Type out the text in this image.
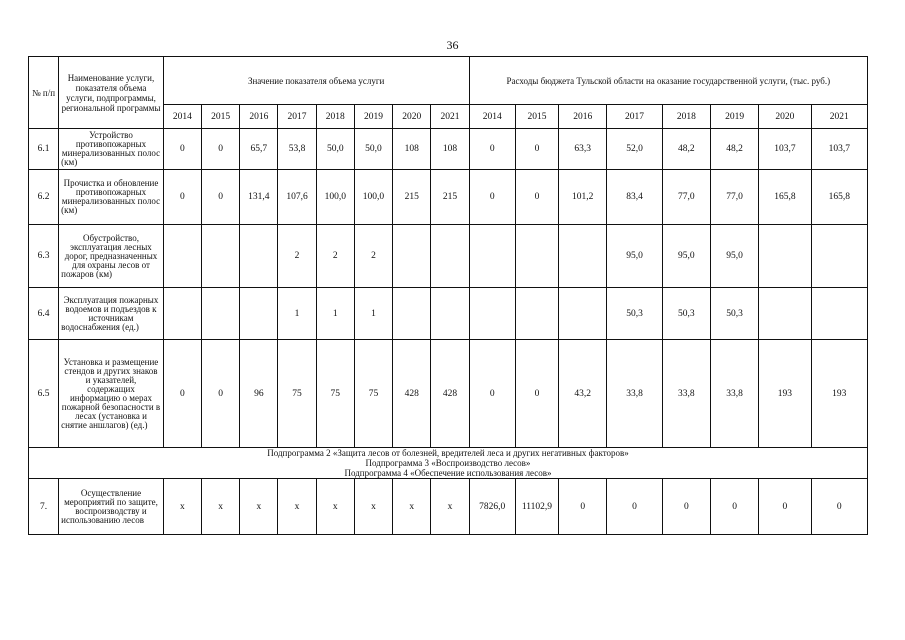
36
№ п/п	Наименование услуги, показателя объема услуги, подпрограммы, региональной программы	Значение показателя объема услуги								Расходы бюджета Тульской области на оказание государственной услуги, (тыс. руб.)							
		2014	2015	2016	2017	2018	2019	2020	2021	2014	2015	2016	2017	2018	2019	2020	2021
6.1	Устройство противопожарных минерализованных полос (км)	0	0	65,7	53,8	50,0	50,0	108	108	0	0	63,3	52,0	48,2	48,2	103,7	103,7
6.2	Прочистка и обновление противопожарных минерализованных полос (км)	0	0	131,4	107,6	100,0	100,0	215	215	0	0	101,2	83,4	77,0	77,0	165,8	165,8
6.3	Обустройство, эксплуатация лесных дорог, предназначенных для охраны лесов от пожаров (км)				2	2	2						95,0	95,0	95,0		
6.4	Эксплуатация пожарных водоемов и подъездов к источникам водоснабжения (ед.)				1	1	1						50,3	50,3	50,3		
6.5	Установка и размещение стендов и других знаков и указателей, содержащих информацию о мерах пожарной безопасности в лесах (установка и снятие аншлагов) (ед.)	0	0	96	75	75	75	428	428	0	0	43,2	33,8	33,8	33,8	193	193

Подпрограмма 2 «Защита лесов от болезней, вредителей леса и других негативных факторов»
Подпрограмма 3 «Воспроизводство лесов»
Подпрограмма 4 «Обеспечение использования лесов»																	

7.	Осуществление мероприятий по защите, воспроизводству и использованию лесов	x	x	x	x	x	x	x	x	7826,0	11102,9	0	0	0	0	0	0
